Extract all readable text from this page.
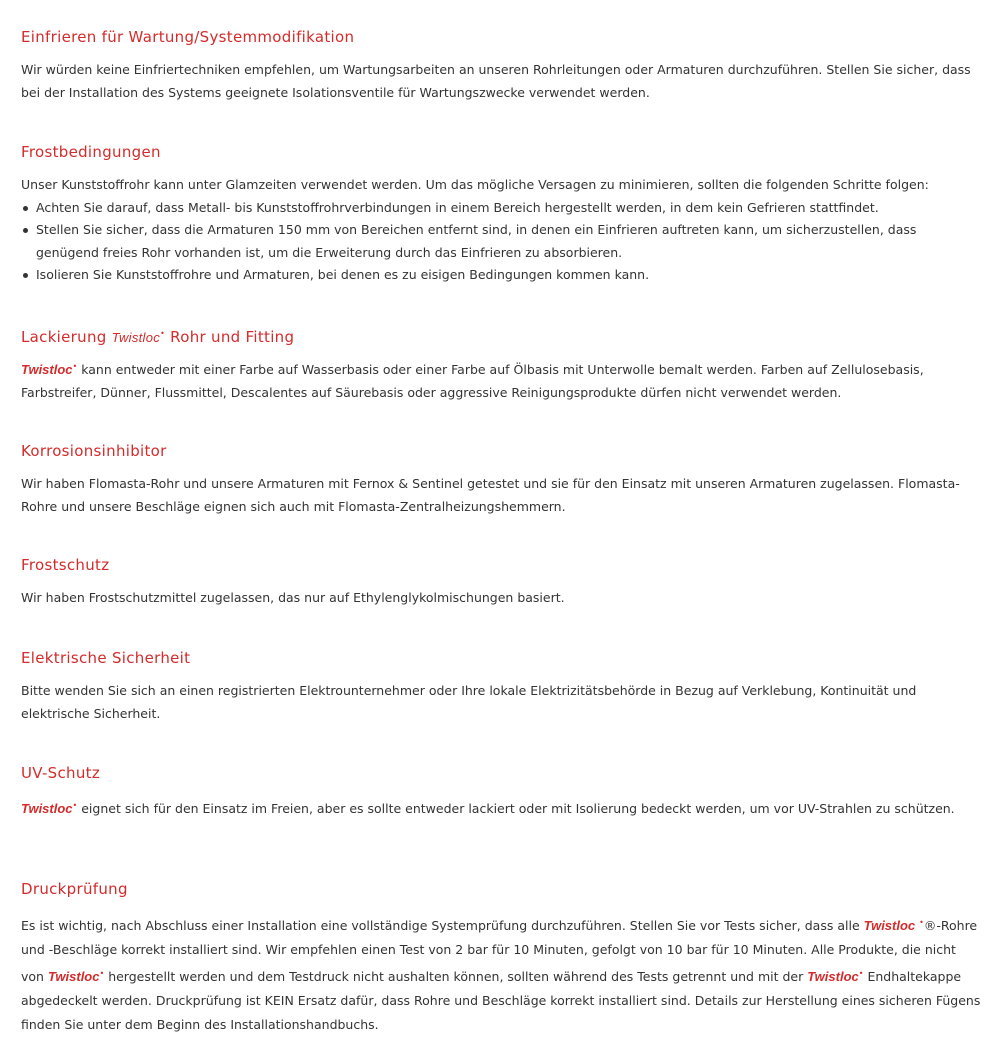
Einfrieren für Wartung/Systemmodifikation

Wir würden keine Einfriertechniken empfehlen, um Wartungsarbeiten an unseren Rohrleitungen oder Armaturen durchzuführen. Stellen Sie sicher, dass bei der Installation des Systems geeignete Isolationsventile für Wartungszwecke verwendet werden.

Frostbedingungen

Unser Kunststoffrohr kann unter Glamzeiten verwendet werden. Um das mögliche Versagen zu minimieren, sollten die folgenden Schritte folgen:

Achten Sie darauf, dass Metall- bis Kunststoffrohrverbindungen in einem Bereich hergestellt werden, in dem kein Gefrieren stattfindet.
Stellen Sie sicher, dass die Armaturen 150 mm von Bereichen entfernt sind, in denen ein Einfrieren auftreten kann, um sicherzustellen, dass genügend freies Rohr vorhanden ist, um die Erweiterung durch das Einfrieren zu absorbieren.
Isolieren Sie Kunststoffrohre und Armaturen, bei denen es zu eisigen Bedingungen kommen kann.
Lackierung Twistloc• Rohr und Fitting

Twistloc• kann entweder mit einer Farbe auf Wasserbasis oder einer Farbe auf Ölbasis mit Unterwolle bemalt werden. Farben auf Zellulosebasis, Farbstreifer, Dünner, Flussmittel, Descalentes auf Säurebasis oder aggressive Reinigungsprodukte dürfen nicht verwendet werden.

Korrosionsinhibitor

Wir haben Flomasta-Rohr und unsere Armaturen mit Fernox & Sentinel getestet und sie für den Einsatz mit unseren Armaturen zugelassen. Flomasta-Rohre und unsere Beschläge eignen sich auch mit Flomasta-Zentralheizungshemmern.

Frostschutz

Wir haben Frostschutzmittel zugelassen, das nur auf Ethylenglykolmischungen basiert.

Elektrische Sicherheit

Bitte wenden Sie sich an einen registrierten Elektrounternehmer oder Ihre lokale Elektrizitätsbehörde in Bezug auf Verklebung, Kontinuität und elektrische Sicherheit.

UV-Schutz

Twistloc• eignet sich für den Einsatz im Freien, aber es sollte entweder lackiert oder mit Isolierung bedeckt werden, um vor UV-Strahlen zu schützen.

Druckprüfung

Es ist wichtig, nach Abschluss einer Installation eine vollständige Systemprüfung durchzuführen. Stellen Sie vor Tests sicher, dass alle Twistloc •®-Rohre und -Beschläge korrekt installiert sind. Wir empfehlen einen Test von 2 bar für 10 Minuten, gefolgt von 10 bar für 10 Minuten. Alle Produkte, die nicht von Twistloc• hergestellt werden und dem Testdruck nicht aushalten können, sollten während des Tests getrennt und mit der Twistloc• Endhaltekappe abgedeckelt werden. Druckprüfung ist KEIN Ersatz dafür, dass Rohre und Beschläge korrekt installiert sind. Details zur Herstellung eines sicheren Fügens finden Sie unter dem Beginn des Installationshandbuchs.
